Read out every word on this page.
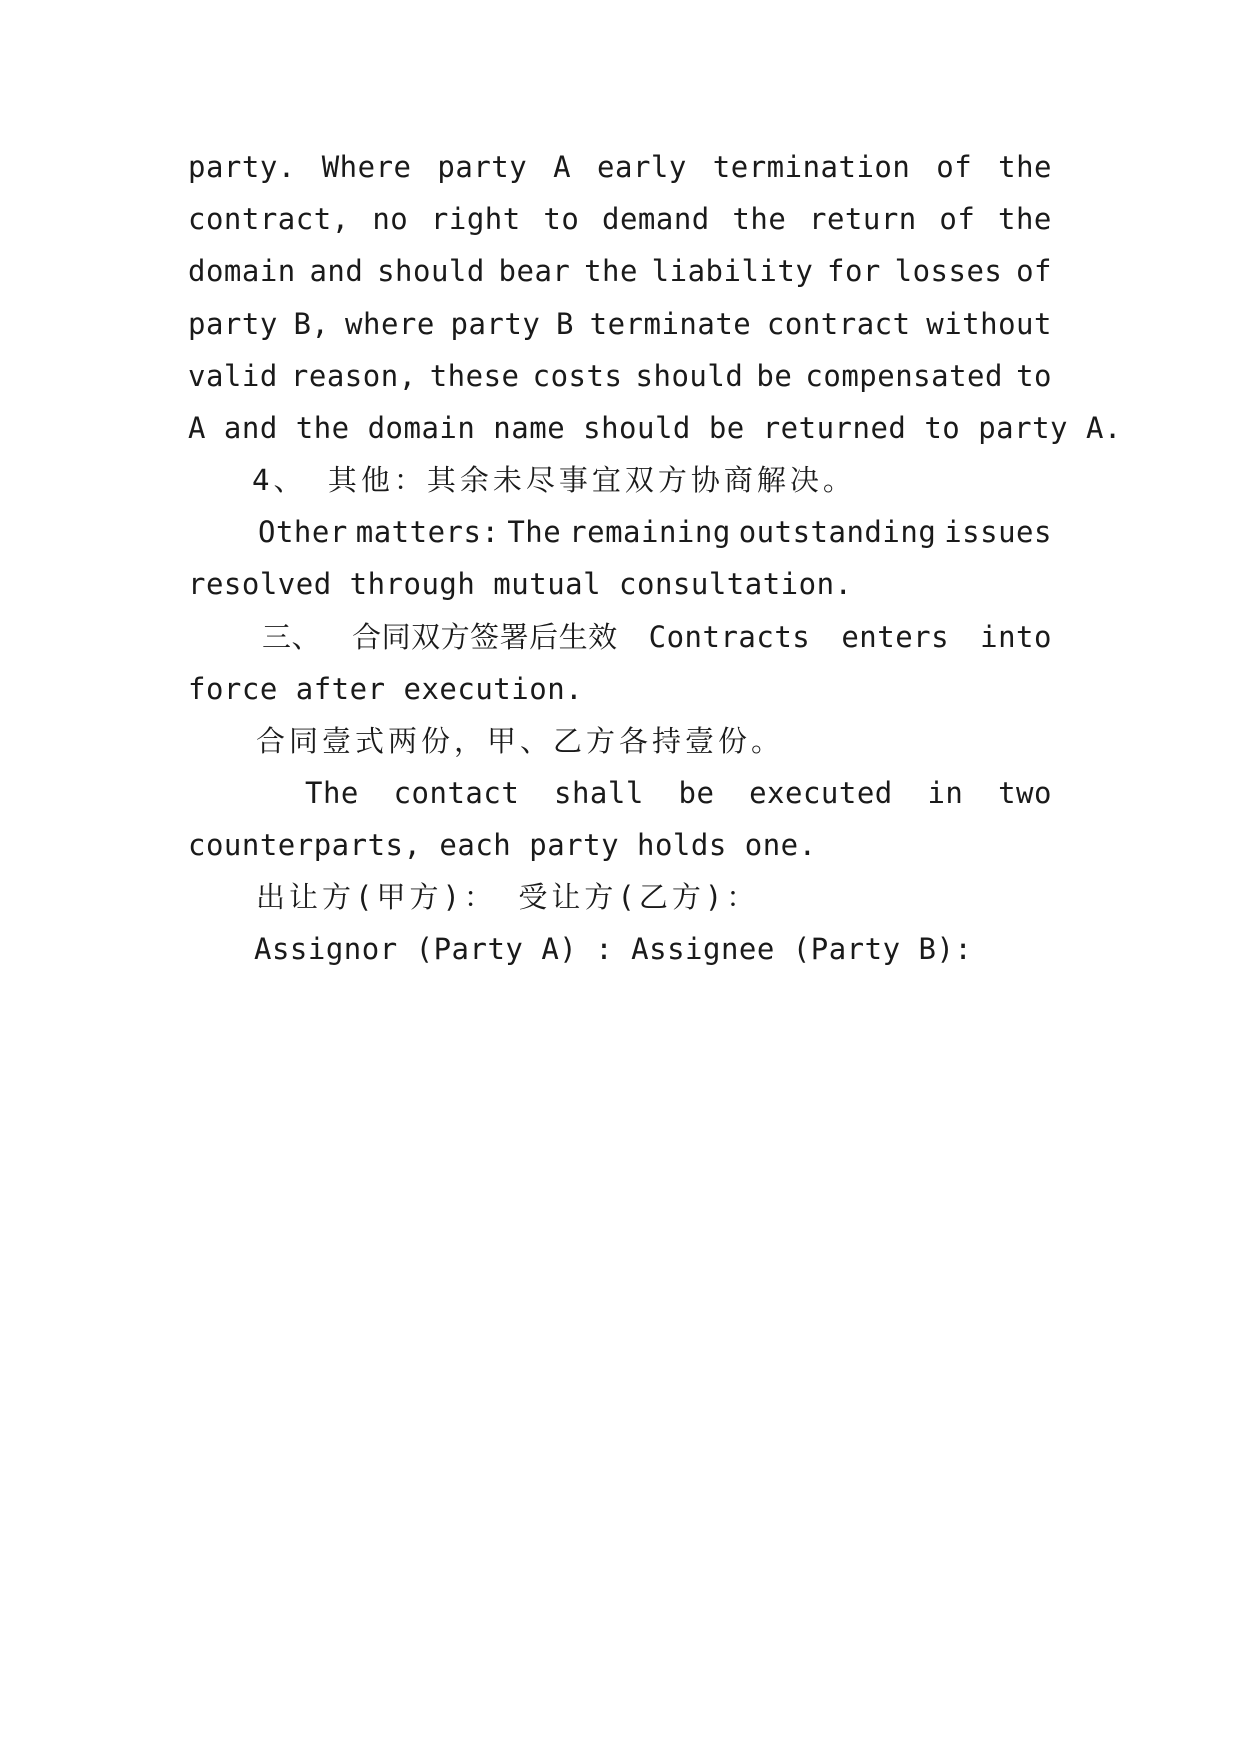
party. Where party A early termination of the
contract, no right to demand the return of the
domain and should bear the liability for losses of
party B, where party B terminate contract without
valid reason, these costs should be compensated to
A and the domain name should be returned to party A.
4、 其他：其余未尽事宜双方协商解决。
Other matters: The remaining outstanding issues
resolved through mutual consultation.
三、 合同双方签署后生效 Contracts enters into
force after execution.
合同壹式两份，甲、乙方各持壹份。
The contact shall be executed in two
counterparts, each party holds one.
出让方(甲方)： 受让方(乙方)：
Assignor (Party A) : Assignee (Party B):
